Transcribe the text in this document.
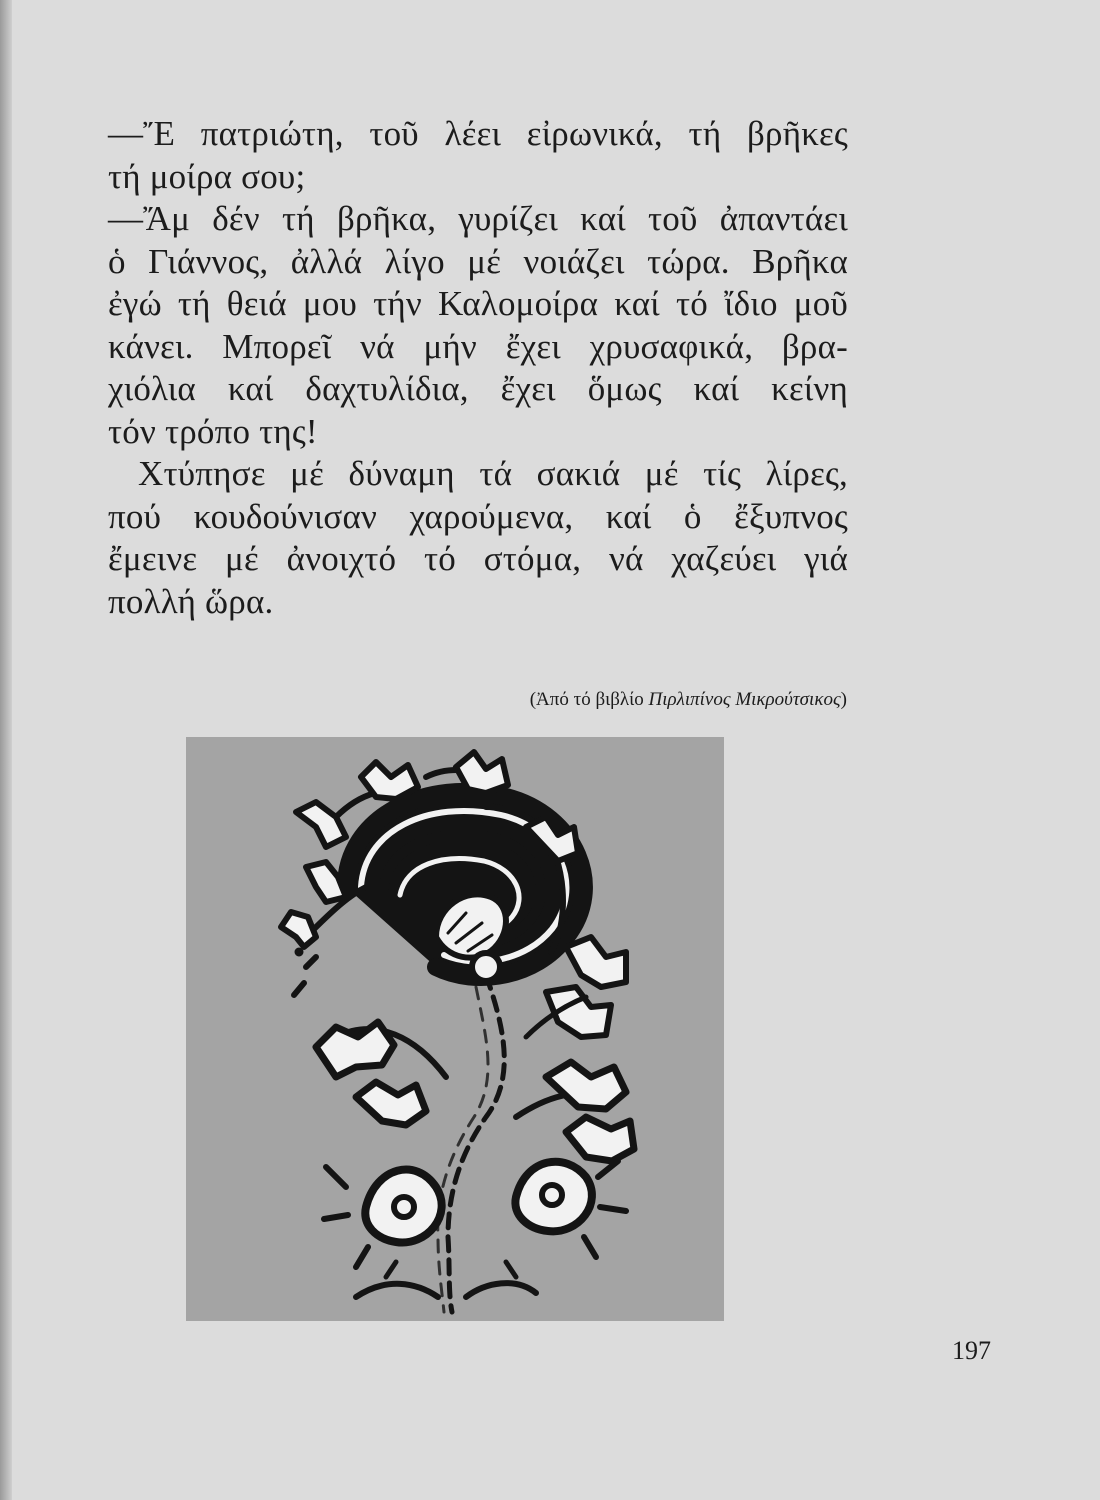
—Ἔ πατριώτη, τοῦ λέει εἰρωνικά, τή βρῆκες
τή μοίρα σου;
—Ἄμ δέν τή βρῆκα, γυρίζει καί τοῦ ἀπαντάει
ὁ Γιάννος, ἀλλά λίγο μέ νοιάζει τώρα. Βρῆκα
ἐγώ τή θειά μου τήν Καλομοίρα καί τό ἴδιο μοῦ
κάνει. Μπορεῖ νά μήν ἔχει χρυσαφικά, βρα-
χιόλια καί δαχτυλίδια, ἔχει ὅμως καί κείνη
τόν τρόπο της!
Χτύπησε μέ δύναμη τά σακιά μέ τίς λίρες,
πού κουδούνισαν χαρούμενα, καί ὁ ἔξυπνος
ἔμεινε μέ ἀνοιχτό τό στόμα, νά χαζεύει γιά
πολλή ὥρα.
(Ἀπό τό βιβλίο Πιρλιπίνος Μικρούτσικος)
197
